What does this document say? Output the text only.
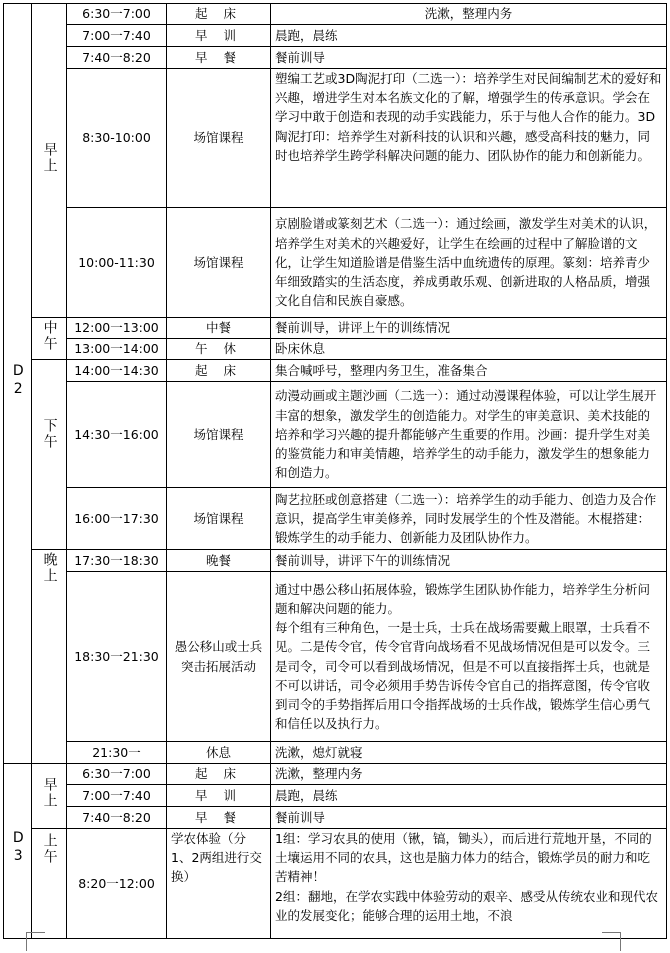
D2	早上	6:30一7:00	起 床	洗漱，整理内务
		7:00一7:40	早 训	晨跑，晨练
		7:40一8:20	早 餐	餐前训导
		8:30-10:00	场馆课程	塑编工艺或3D陶泥打印（二选一）：培养学生对民间编制艺术的爱好和兴趣，增进学生对本名族文化的了解，增强学生的传承意识。学会在学习中敢于创造和表现的动手实践能力，乐于与他人合作的能力。3D陶泥打印：培养学生对新科技的认识和兴趣，感受高科技的魅力，同时也培养学生跨学科解决问题的能力、团队协作的能力和创新能力。
		10:00-11:30	场馆课程	京剧脸谱或篆刻艺术（二选一）：通过绘画，激发学生对美术的认识，培养学生对美术的兴趣爱好，让学生在绘画的过程中了解脸谱的文化，让学生知道脸谱是借鉴生活中血统遗传的原理。篆刻：培养青少年细致踏实的生活态度，养成勇敢乐观、创新进取的人格品质，增强文化自信和民族自豪感。
	中午	12:00一13:00	中餐	餐前训导，讲评上午的训练情况
		13:00一14:00	午 休	卧床休息
	下午	14:00一14:30	起 床	集合喊呼号，整理内务卫生，准备集合
		14:30一16:00	场馆课程	动漫动画或主题沙画（二选一）：通过动漫课程体验，可以让学生展开丰富的想象，激发学生的创造能力。对学生的审美意识、美术技能的培养和学习兴趣的提升都能够产生重要的作用。沙画：提升学生对美的鉴赏能力和审美情趣，培养学生的动手能力，激发学生的想象能力和创造力。
		16:00一17:30	场馆课程	陶艺拉胚或创意搭建（二选一）：培养学生的动手能力、创造力及合作意识，提高学生审美修养，同时发展学生的个性及潜能。木棍搭建：锻炼学生的动手能力、创新能力及团队协作力。
	晚上	17:30一18:30	晚餐	餐前训导，讲评下午的训练情况
		18:30一21:30	愚公移山或士兵突击拓展活动	通过中愚公移山拓展体验，锻炼学生团队协作能力，培养学生分析问题和解决问题的能力。
每个组有三种角色，一是士兵，士兵在战场需要戴上眼罩，士兵看不见。二是传令官，传令官背向战场看不见战场情况但是可以发令。三是司令，司令可以看到战场情况，但是不可以直接指挥士兵，也就是不可以讲话，司令必须用手势告诉传令官自己的指挥意图，传令官收到司令的手势指挥后用口令指挥战场的士兵作战，锻炼学生信心勇气和信任以及执行力。

		21:30一	休息	洗漱，熄灯就寝
D3	早上	6:30一7:00	起 床	洗漱，整理内务
		7:00一7:40	早 训	晨跑，晨练
		7:40一8:20	早 餐	餐前训导
	上午	8:20一12:00	学农体验（分1、2两组进行交换）	1组：学习农具的使用（锹，镐，锄头），而后进行荒地开垦，不同的土壤运用不同的农具，这也是脑力体力的结合，锻炼学员的耐力和吃苦精神！
2组：翻地，在学农实践中体验劳动的艰辛、感受从传统农业和现代农业的发展变化；能够合理的运用土地，不浪
